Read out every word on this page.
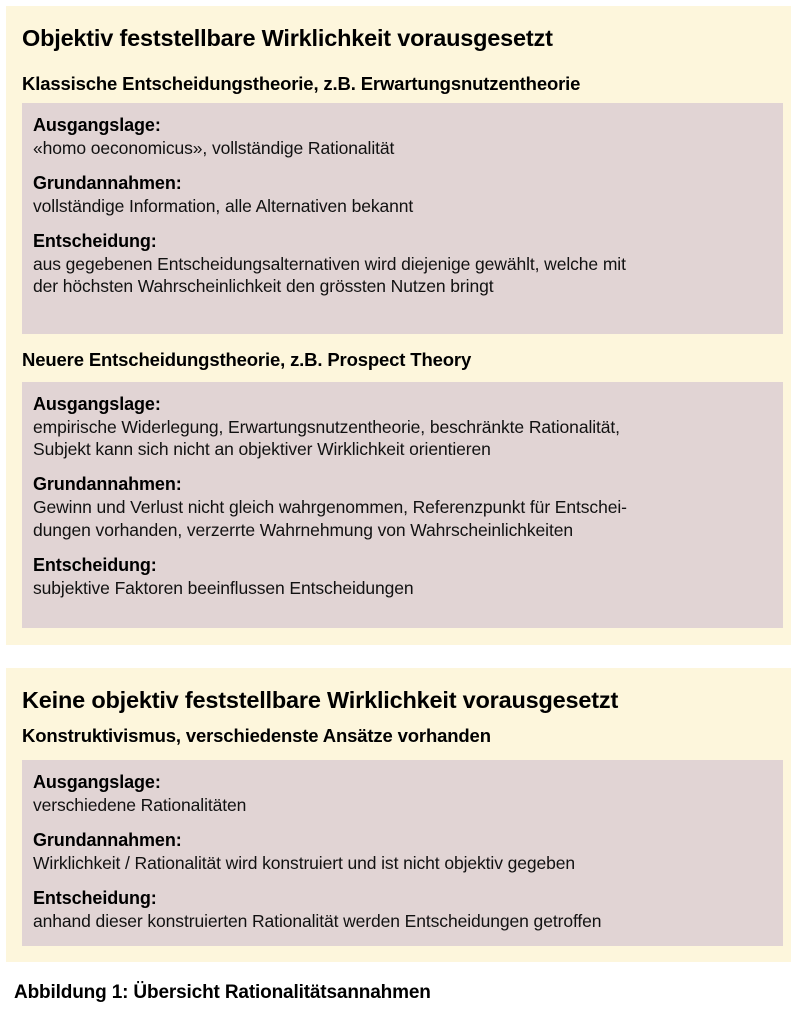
Objektiv feststellbare Wirklichkeit vorausgesetzt
Klassische Entscheidungstheorie, z.B. Erwartungsnutzentheorie
Ausgangslage:
«homo oeconomicus», vollständige Rationalität
Grundannahmen:
vollständige Information, alle Alternativen bekannt
Entscheidung:
aus gegebenen Entscheidungsalternativen wird diejenige gewählt, welche mit
der höchsten Wahrscheinlichkeit den grössten Nutzen bringt
Neuere Entscheidungstheorie, z.B. Prospect Theory
Ausgangslage:
empirische Widerlegung, Erwartungsnutzentheorie, beschränkte Rationalität,
Subjekt kann sich nicht an objektiver Wirklichkeit orientieren
Grundannahmen:
Gewinn und Verlust nicht gleich wahrgenommen, Referenzpunkt für Entschei-
dungen vorhanden, verzerrte Wahrnehmung von Wahrscheinlichkeiten
Entscheidung:
subjektive Faktoren beeinflussen Entscheidungen
Keine objektiv feststellbare Wirklichkeit vorausgesetzt
Konstruktivismus, verschiedenste Ansätze vorhanden
Ausgangslage:
verschiedene Rationalitäten
Grundannahmen:
Wirklichkeit / Rationalität wird konstruiert und ist nicht objektiv gegeben
Entscheidung:
anhand dieser konstruierten Rationalität werden Entscheidungen getroffen
Abbildung 1: Übersicht Rationalitätsannahmen
